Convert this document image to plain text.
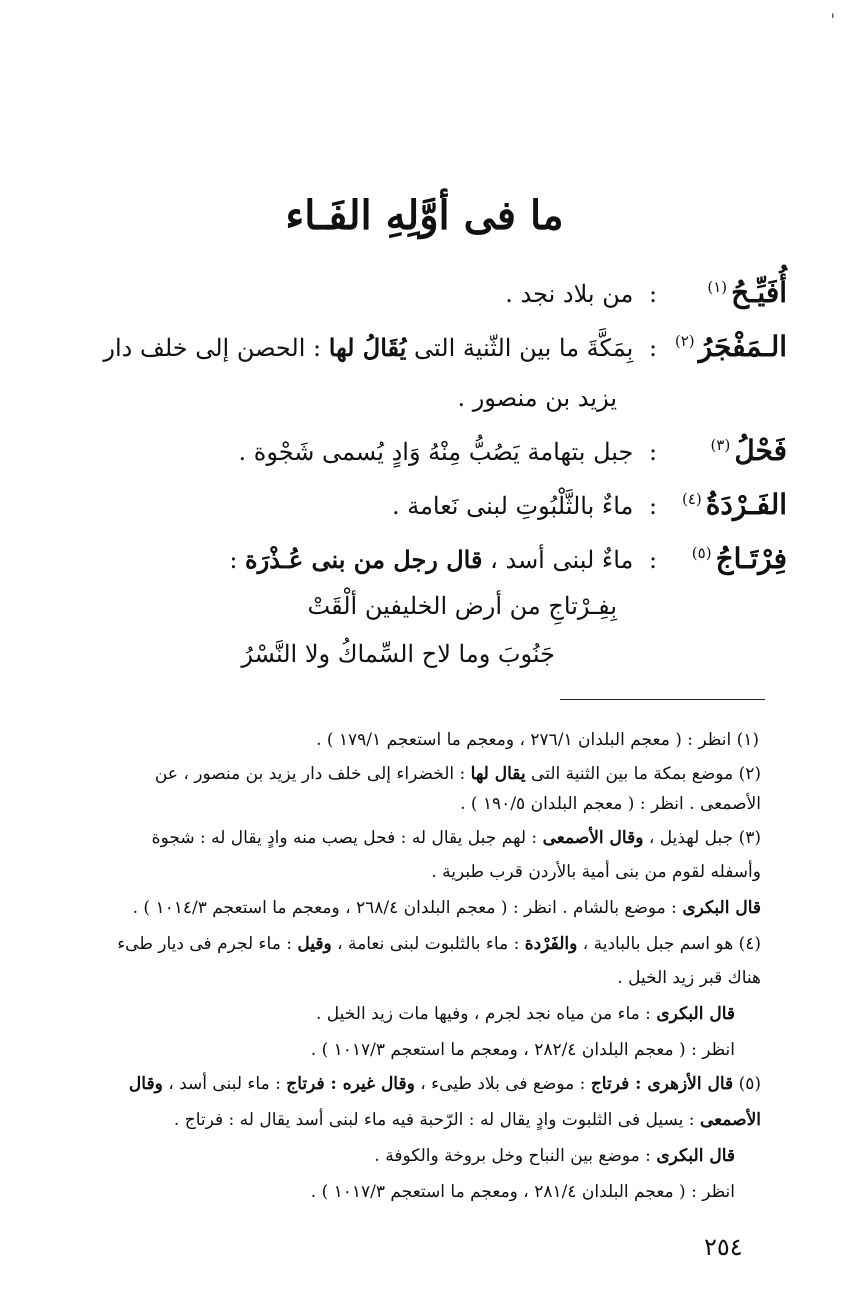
'
ما فى أوَّلِهِ الفَـاء
أُفَيِّـحُ$^{(١)}$: من بلاد نجد .
الـمَفْجَرُ$^{(٢)}$: بِمَكَّةَ ما بين الثّنية التى يُقَالُ لها : الحصن إلى خلف دار
يزيد بن منصور .
فَحْلُ$^{(٣)}$: جبل بتهامة يَصُبُّ مِنْهُ وَادٍ يُسمى شَجْوة .
الفَـرْدَةُ$^{(٤)}$: ماءٌ بالثَّلْبُوتِ لبنى نَعامة .
فِرْتَـاجُ$^{(٥)}$: ماءٌ لبنى أسد ، قال رجل من بنى عُـذْرَة :
بِفِـرْتاجِ من أرض الخليفين ألْقَتْ
جَنُوبَ وما لاح السِّماكُ ولا النَّسْرُ
(١) انظر : ( معجم البلدان ٢٧٦/١ ، ومعجم ما استعجم ١٧٩/١ ) .
(٢) موضع بمكة ما بين الثنية التى يقال لها : الخضراء إلى خلف دار يزيد بن منصور ، عن
الأصمعى . انظر : ( معجم البلدان ١٩٠/٥ ) .
(٣) جبل لهذيل ، وقال الأصمعى : لهم جبل يقال له : فحل يصب منه وادٍ يقال له : شجوة
وأسفله لقوم من بنى أمية بالأردن قرب طبرية .
قال البكرى : موضع بالشام . انظر : ( معجم البلدان ٢٦٨/٤ ، ومعجم ما استعجم ١٠١٤/٣ ) .
(٤) هو اسم جبل بالبادية ، والفَرْدة : ماء بالثلبوت لبنى نعامة ، وقيل : ماء لجرم فى ديار طىء
هناك قبر زيد الخيل .
قال البكرى : ماء من مياه نجد لجرم ، وفيها مات زيد الخيل .
انظر : ( معجم البلدان ٢٨٢/٤ ، ومعجم ما استعجم ١٠١٧/٣ ) .
(٥) قال الأزهرى : فرتاج : موضع فى بلاد طيىء ، وقال غيره : فرتاج : ماء لبنى أسد ، وقال
الأصمعى : يسيل فى الثلبوت وادٍ يقال له : الرّحبة فيه ماء لبنى أسد يقال له : فرتاج .
قال البكرى : موضع بين النباح وخل بروخة والكوفة .
انظر : ( معجم البلدان ٢٨١/٤ ، ومعجم ما استعجم ١٠١٧/٣ ) .
٢٥٤
